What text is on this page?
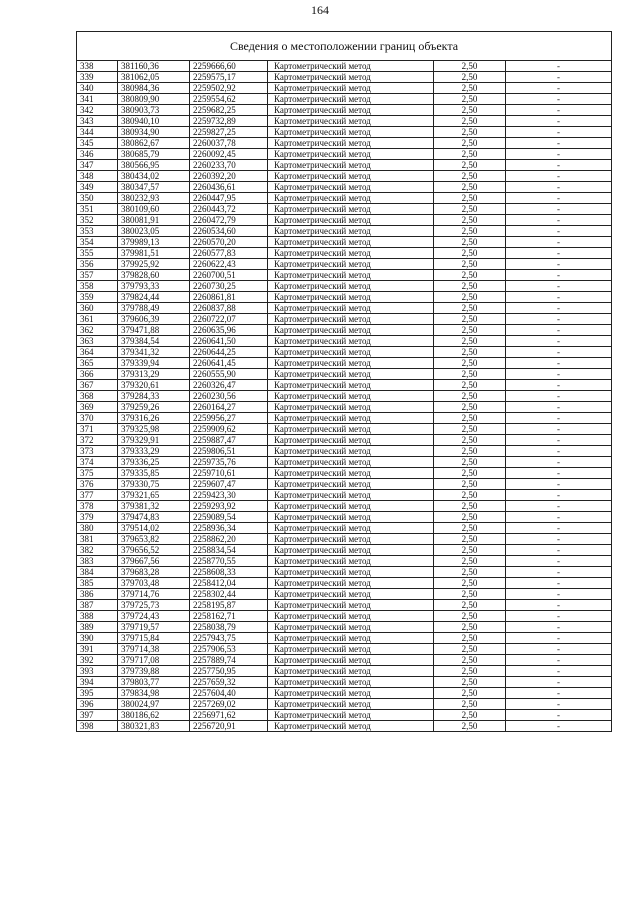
164
Сведения о местоположении границ объекта					
338	381160,36	2259666,60	Картометрический метод	2,50	-
339	381062,05	2259575,17	Картометрический метод	2,50	-
340	380984,36	2259502,92	Картометрический метод	2,50	-
341	380809,90	2259554,62	Картометрический метод	2,50	-
342	380903,73	2259682,25	Картометрический метод	2,50	-
343	380940,10	2259732,89	Картометрический метод	2,50	-
344	380934,90	2259827,25	Картометрический метод	2,50	-
345	380862,67	2260037,78	Картометрический метод	2,50	-
346	380685,79	2260092,45	Картометрический метод	2,50	-
347	380566,95	2260233,70	Картометрический метод	2,50	-
348	380434,02	2260392,20	Картометрический метод	2,50	-
349	380347,57	2260436,61	Картометрический метод	2,50	-
350	380232,93	2260447,95	Картометрический метод	2,50	-
351	380109,60	2260443,72	Картометрический метод	2,50	-
352	380081,91	2260472,79	Картометрический метод	2,50	-
353	380023,05	2260534,60	Картометрический метод	2,50	-
354	379989,13	2260570,20	Картометрический метод	2,50	-
355	379981,51	2260577,83	Картометрический метод	2,50	-
356	379925,92	2260622,43	Картометрический метод	2,50	-
357	379828,60	2260700,51	Картометрический метод	2,50	-
358	379793,33	2260730,25	Картометрический метод	2,50	-
359	379824,44	2260861,81	Картометрический метод	2,50	-
360	379788,49	2260837,88	Картометрический метод	2,50	-
361	379606,39	2260722,07	Картометрический метод	2,50	-
362	379471,88	2260635,96	Картометрический метод	2,50	-
363	379384,54	2260641,50	Картометрический метод	2,50	-
364	379341,32	2260644,25	Картометрический метод	2,50	-
365	379339,94	2260641,45	Картометрический метод	2,50	-
366	379313,29	2260555,90	Картометрический метод	2,50	-
367	379320,61	2260326,47	Картометрический метод	2,50	-
368	379284,33	2260230,56	Картометрический метод	2,50	-
369	379259,26	2260164,27	Картометрический метод	2,50	-
370	379316,26	2259956,27	Картометрический метод	2,50	-
371	379325,98	2259909,62	Картометрический метод	2,50	-
372	379329,91	2259887,47	Картометрический метод	2,50	-
373	379333,29	2259806,51	Картометрический метод	2,50	-
374	379336,25	2259735,76	Картометрический метод	2,50	-
375	379335,85	2259710,61	Картометрический метод	2,50	-
376	379330,75	2259607,47	Картометрический метод	2,50	-
377	379321,65	2259423,30	Картометрический метод	2,50	-
378	379381,32	2259293,92	Картометрический метод	2,50	-
379	379474,83	2259089,54	Картометрический метод	2,50	-
380	379514,02	2258936,34	Картометрический метод	2,50	-
381	379653,82	2258862,20	Картометрический метод	2,50	-
382	379656,52	2258834,54	Картометрический метод	2,50	-
383	379667,56	2258770,55	Картометрический метод	2,50	-
384	379683,28	2258608,33	Картометрический метод	2,50	-
385	379703,48	2258412,04	Картометрический метод	2,50	-
386	379714,76	2258302,44	Картометрический метод	2,50	-
387	379725,73	2258195,87	Картометрический метод	2,50	-
388	379724,43	2258162,71	Картометрический метод	2,50	-
389	379719,57	2258038,79	Картометрический метод	2,50	-
390	379715,84	2257943,75	Картометрический метод	2,50	-
391	379714,38	2257906,53	Картометрический метод	2,50	-
392	379717,08	2257889,74	Картометрический метод	2,50	-
393	379739,88	2257750,95	Картометрический метод	2,50	-
394	379803,77	2257659,32	Картометрический метод	2,50	-
395	379834,98	2257604,40	Картометрический метод	2,50	-
396	380024,97	2257269,02	Картометрический метод	2,50	-
397	380186,62	2256971,62	Картометрический метод	2,50	-
398	380321,83	2256720,91	Картометрический метод	2,50	-
